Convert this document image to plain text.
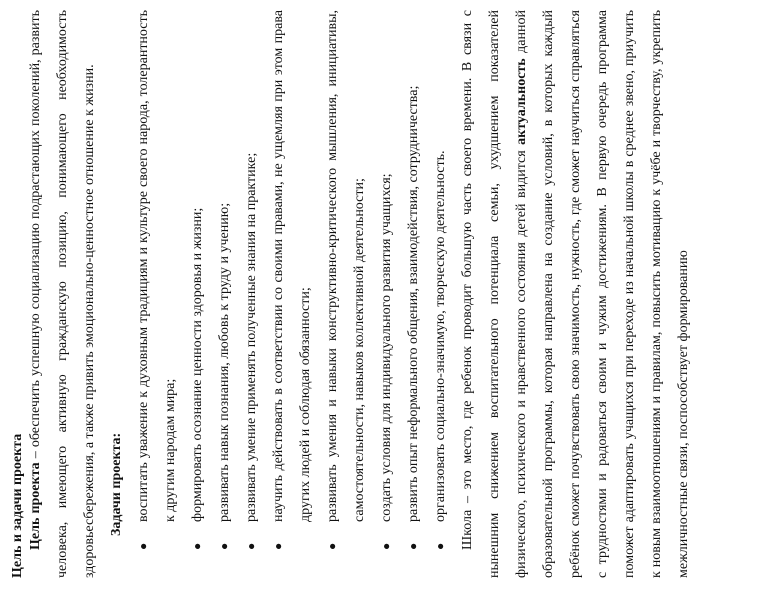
Цель и задачи проекта Цель проекта – обеспечить успешную социализацию подрастающих поколений, развить человека, имеющего активную гражданскую позицию, понимающего необходимость здоровьесбережения, а также привить эмоционально-ценностное отношение к жизни. Задачи проекта:
●
воспитать уважение к духовным традициям и культуре своего народа, толерантность к другим народам мира;
●
формировать осознание ценности здоровья и жизни;
●
развивать навык познания, любовь к труду и учению;
●
развивать умение применять полученные знания на практике;
●
научить действовать в соответствии со своими правами, не ущемляя при этом права других людей и соблюдая обязанности;
●
развивать умения и навыки конструктивно-критического мышления, инициативы, самостоятельности, навыков коллективной деятельности;
●
создать условия для индивидуального развития учащихся;
●
развить опыт неформального общения, взаимодействия, сотрудничества;
●
организовать социально-значимую, творческую деятельность. Школа – это место, где ребенок проводит большую часть своего времени. В связи с нынешним снижением воспитательного потенциала семьи, ухудшением показателей физического, психического и нравственного состояния детей видится актуальность данной образовательной программы, которая направлена на создание условий, в которых каждый ребёнок сможет почувствовать свою значимость, нужность, где сможет научиться справляться с трудностями и радоваться своим и чужим достижениям. В первую очередь программа поможет адаптировать учащихся при переходе из начальной школы в среднее звено, приучить к новым взаимоотношениям и правилам, повысить мотивацию к учёбе и творчеству, укрепить межличностные связи, поспособствует формированию
